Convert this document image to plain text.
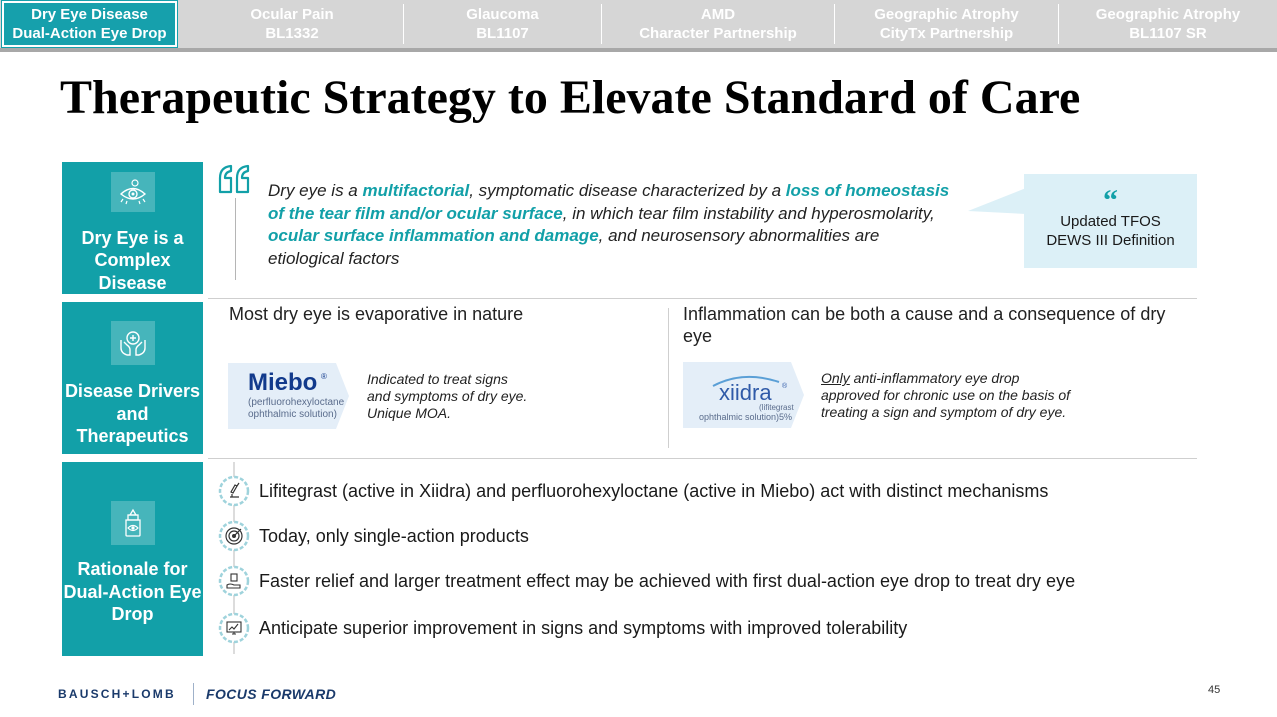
Dry Eye Disease
Dual-Action Eye Drop
Ocular Pain
BL1332
Glaucoma
BL1107
AMD
Character Partnership
Geographic Atrophy
CityTx Partnership
Geographic Atrophy
BL1107 SR
Therapeutic Strategy to Elevate Standard of Care
Dry Eye is a Complex Disease
Dry eye is a multifactorial, symptomatic disease characterized by a loss of homeostasis of the tear film and/or ocular surface, in which tear film instability and hyperosmolarity, ocular surface inflammation and damage, and neurosensory abnormalities are etiological factors
“
Updated TFOS
DEWS III Definition
Disease Drivers and Therapeutics
Most dry eye is evaporative in nature	Inflammation can be both a cause and a consequence of dry eye
Miebo ®
(perfluorohexyloctane
ophthalmic solution)
Indicated to treat signs
and symptoms of dry eye.
Unique MOA.
xiidra ®
(lifitegrast
ophthalmic solution)5%
Only anti-inflammatory eye drop
approved for chronic use on the basis of
treating a sign and symptom of dry eye.
Rationale for Dual-Action Eye Drop
Lifitegrast (active in Xiidra) and perfluorohexyloctane (active in Miebo) act with distinct mechanisms
Today, only single-action products
Faster relief and larger treatment effect may be achieved with first dual-action eye drop to treat dry eye
Anticipate superior improvement in signs and symptoms with improved tolerability
BAUSCH+LOMB FOCUS FORWARD	45
